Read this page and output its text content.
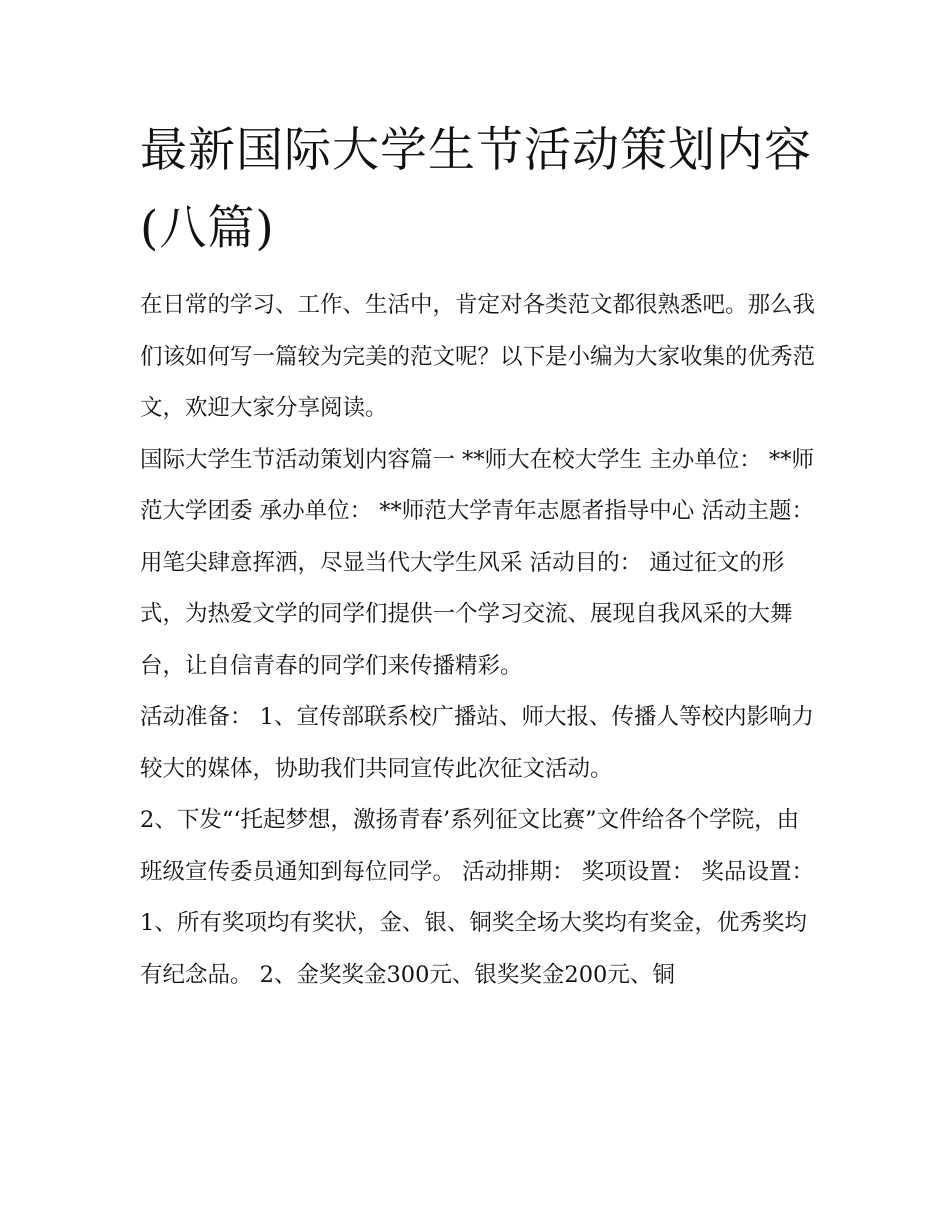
最新国际大学生节活动策划内容(八篇)

在日常的学习、工作、生活中，肯定对各类范文都很熟悉吧。那么我们该如何写一篇较为完美的范文呢？以下是小编为大家收集的优秀范文，欢迎大家分享阅读。

国际大学生节活动策划内容篇一 **师大在校大学生 主办单位： **师范大学团委 承办单位： **师范大学青年志愿者指导中心 活动主题：

用笔尖肆意挥洒，尽显当代大学生风采 活动目的： 通过征文的形式，为热爱文学的同学们提供一个学习交流、展现自我风采的大舞台，让自信青春的同学们来传播精彩。

活动准备： 1、宣传部联系校广播站、师大报、传播人等校内影响力较大的媒体，协助我们共同宣传此次征文活动。

2、下发“‘托起梦想，激扬青春’系列征文比赛”文件给各个学院，由班级宣传委员通知到每位同学。 活动排期： 奖项设置： 奖品设置：

1、所有奖项均有奖状，金、银、铜奖全场大奖均有奖金，优秀奖均有纪念品。 2、金奖奖金300元、银奖奖金200元、铜
